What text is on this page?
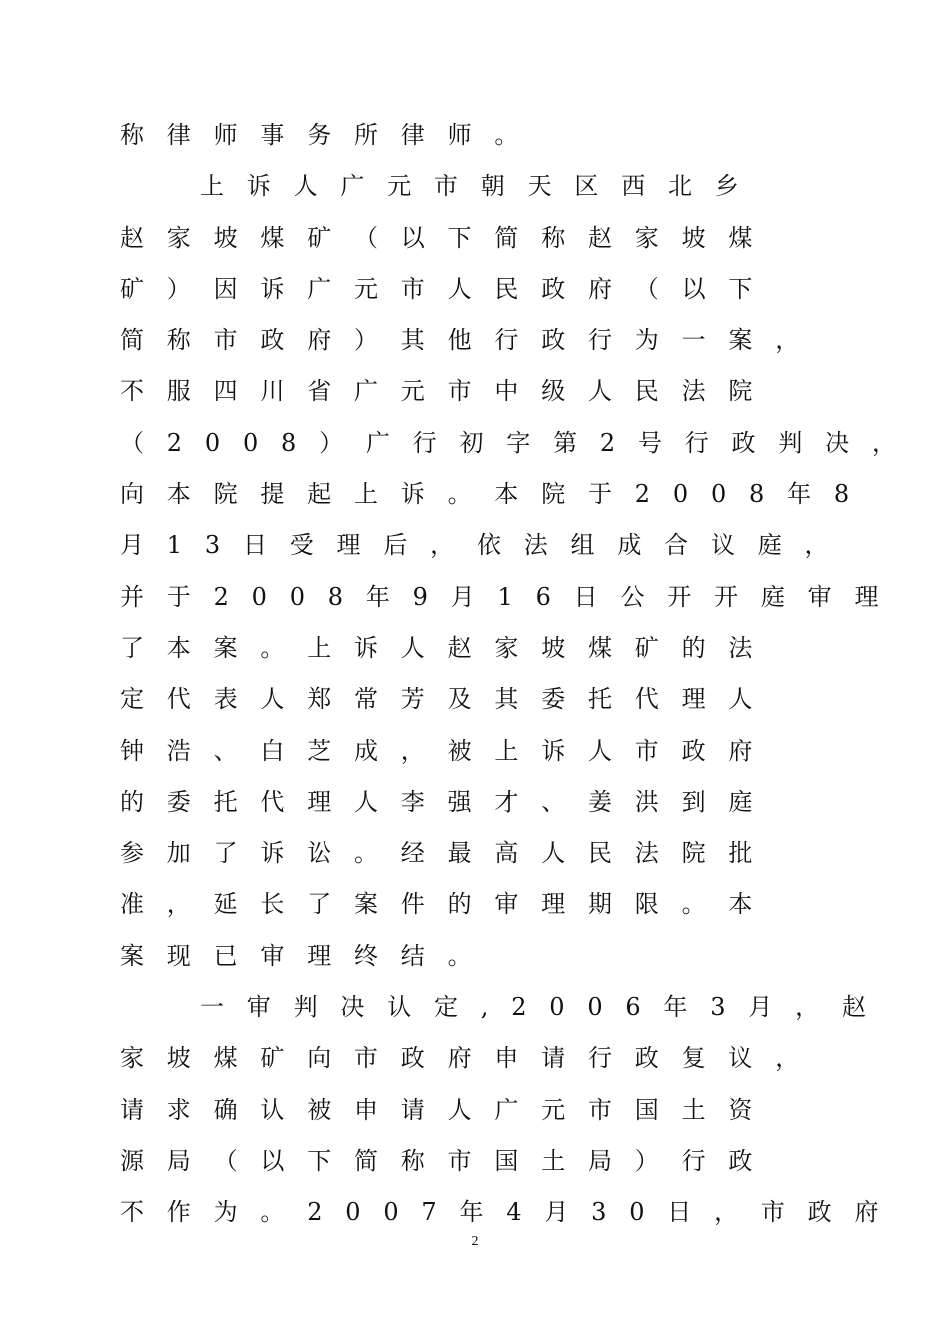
称律师事务所律师。
上诉人广元市朝天区西北乡
赵家坡煤矿（以下简称赵家坡煤
矿）因诉广元市人民政府（以下
简称市政府）其他行政行为一案，
不服四川省广元市中级人民法院
（2008）广行初字第2号行政判决，
向本院提起上诉。本院于2008年8
月13日受理后，依法组成合议庭，
并于2008年9月16日公开开庭审理
了本案。上诉人赵家坡煤矿的法
定代表人郑常芳及其委托代理人
钟浩、白芝成，被上诉人市政府
的委托代理人李强才、姜洪到庭
参加了诉讼。经最高人民法院批
准，延长了案件的审理期限。本
案现已审理终结。
一审判决认定,2006年3月，赵
家坡煤矿向市政府申请行政复议，
请求确认被申请人广元市国土资
源局（以下简称市国土局）行政
不作为。2007年4月30日，市政府
2
